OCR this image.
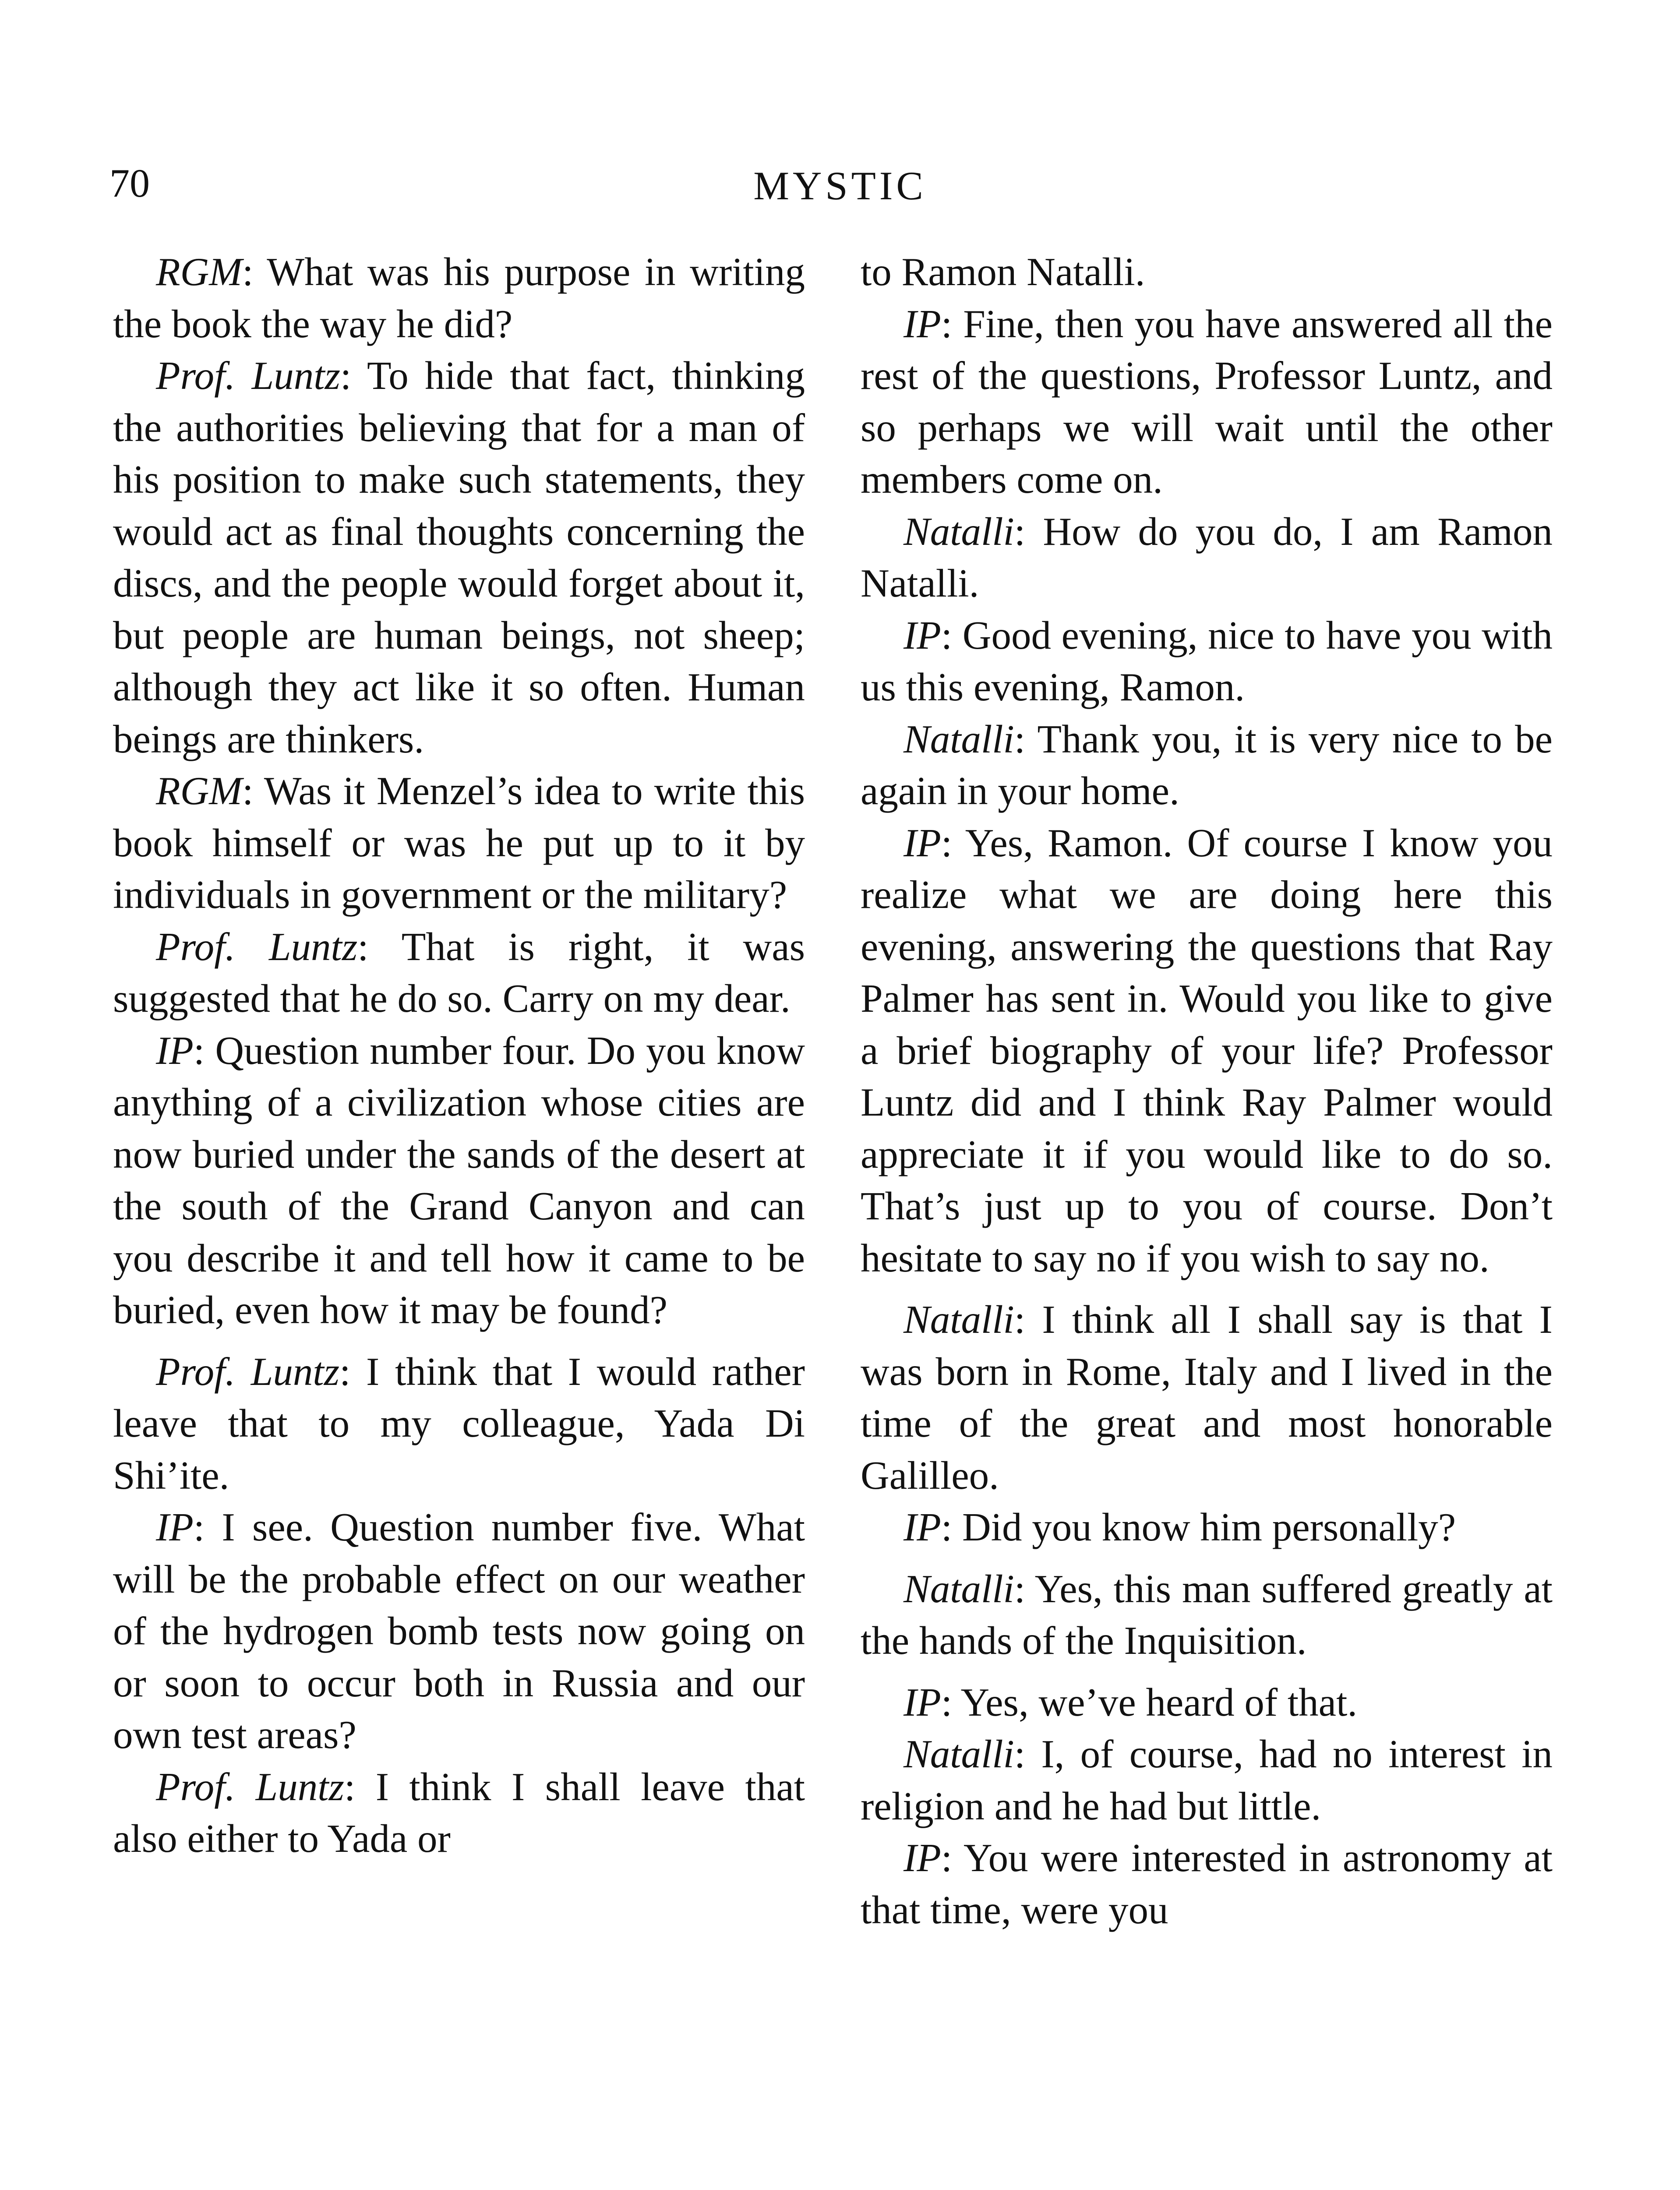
70	MYSTIC

RGM: What was his purpose in writing the book the way he did?

Prof. Luntz: To hide that fact, thinking the authorities believing that for a man of his position to make such statements, they would act as final thoughts concerning the discs, and the people would forget about it, but people are human beings, not sheep; although they act like it so often. Human beings are thinkers.

RGM: Was it Menzel’s idea to write this book himself or was he put up to it by individuals in government or the military?

Prof. Luntz: That is right, it was suggested that he do so. Carry on my dear.

IP: Question number four. Do you know anything of a civilization whose cities are now buried under the sands of the desert at the south of the Grand Canyon and can you describe it and tell how it came to be buried, even how it may be found?

Prof. Luntz: I think that I would rather leave that to my colleague, Yada Di Shi’ite.

IP: I see. Question number five. What will be the probable effect on our weather of the hydrogen bomb tests now going on or soon to occur both in Russia and our own test areas?

Prof. Luntz: I think I shall leave that also either to Yada or

to Ramon Natalli.

IP: Fine, then you have answered all the rest of the questions, Professor Luntz, and so perhaps we will wait until the other members come on.

Natalli: How do you do, I am Ramon Natalli.

IP: Good evening, nice to have you with us this evening, Ramon.

Natalli: Thank you, it is very nice to be again in your home.

IP: Yes, Ramon. Of course I know you realize what we are doing here this evening, answering the questions that Ray Palmer has sent in. Would you like to give a brief biography of your life? Professor Luntz did and I think Ray Palmer would appreciate it if you would like to do so. That’s just up to you of course. Don’t hesitate to say no if you wish to say no.

Natalli: I think all I shall say is that I was born in Rome, Italy and I lived in the time of the great and most honorable Galilleo.

IP: Did you know him personally?

Natalli: Yes, this man suffered greatly at the hands of the Inquisition.

IP: Yes, we’ve heard of that.

Natalli: I, of course, had no interest in religion and he had but little.

IP: You were interested in astronomy at that time, were you
